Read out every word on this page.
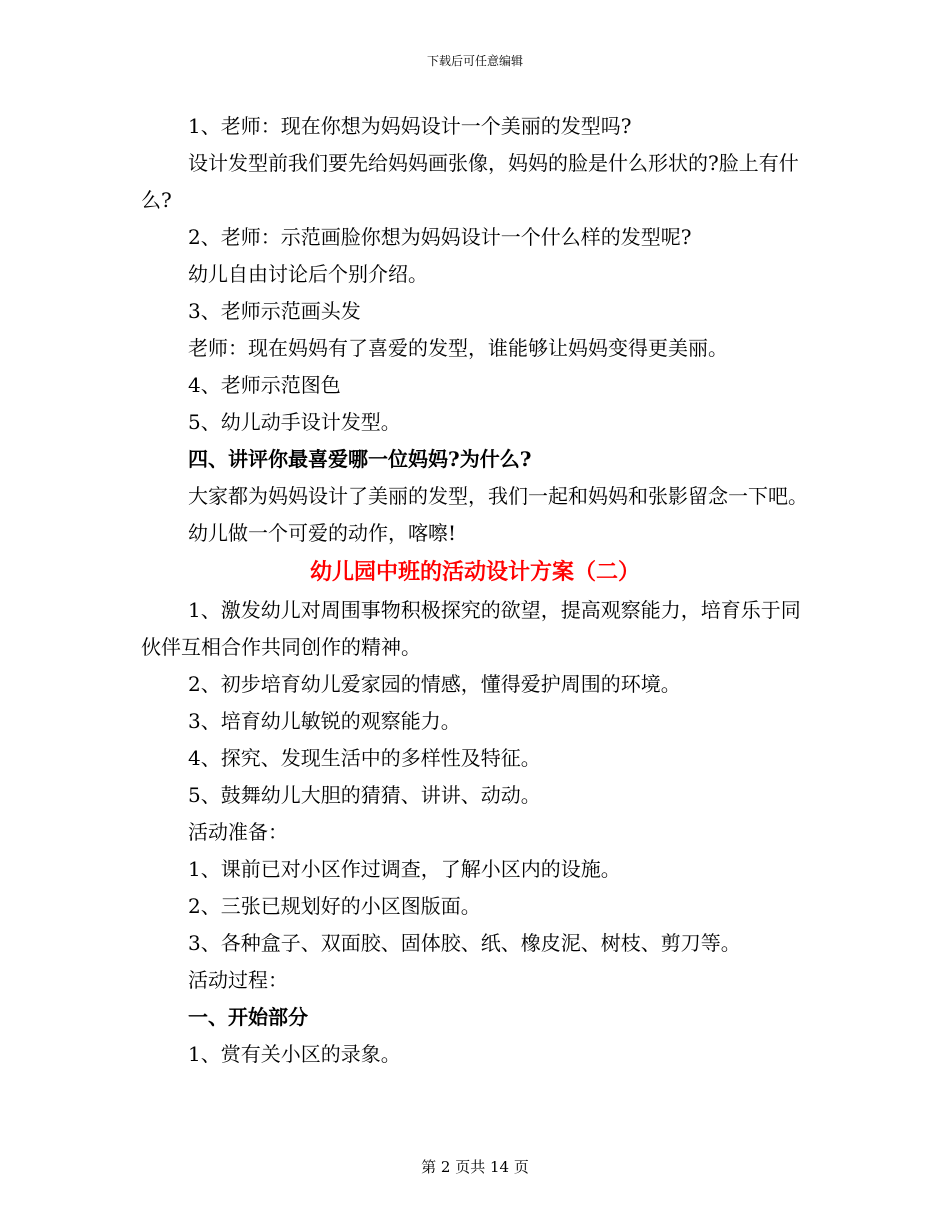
下载后可任意编辑

1、老师：现在你想为妈妈设计一个美丽的发型吗?

设计发型前我们要先给妈妈画张像，妈妈的脸是什么形状的?脸上有什么?

2、老师：示范画脸你想为妈妈设计一个什么样的发型呢?

幼儿自由讨论后个别介绍。

3、老师示范画头发

老师：现在妈妈有了喜爱的发型，谁能够让妈妈变得更美丽。

4、老师示范图色

5、幼儿动手设计发型。

四、讲评你最喜爱哪一位妈妈?为什么?

大家都为妈妈设计了美丽的发型，我们一起和妈妈和张影留念一下吧。

幼儿做一个可爱的动作，喀嚓!

幼儿园中班的活动设计方案（二）

1、激发幼儿对周围事物积极探究的欲望，提高观察能力，培育乐于同伙伴互相合作共同创作的精神。

2、初步培育幼儿爱家园的情感，懂得爱护周围的环境。

3、培育幼儿敏锐的观察能力。

4、探究、发现生活中的多样性及特征。

5、鼓舞幼儿大胆的猜猜、讲讲、动动。

活动准备：

1、课前已对小区作过调查，了解小区内的设施。

2、三张已规划好的小区图版面。

3、各种盒子、双面胶、固体胶、纸、橡皮泥、树枝、剪刀等。

活动过程：

一、开始部分

1、赏有关小区的录象。

第 2 页共 14 页
